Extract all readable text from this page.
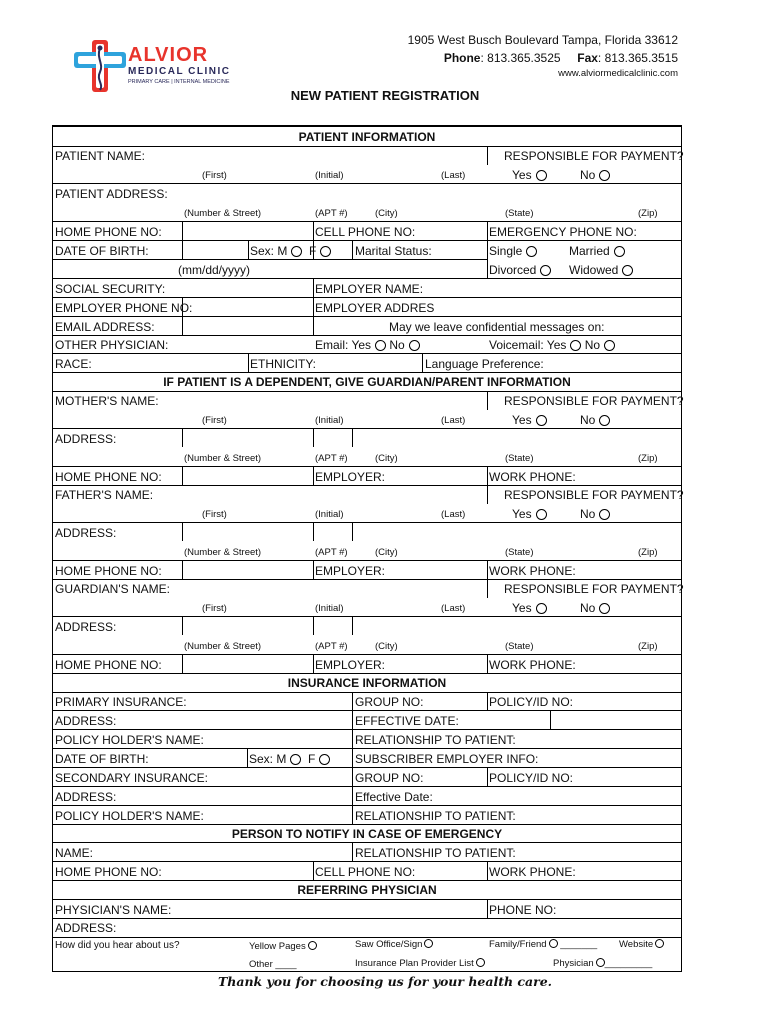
ALVIOR
MEDICAL CLINIC
PRIMARY CARE | INTERNAL MEDICINE
1905 West Busch Boulevard Tampa, Florida 33612
Phone: 813.365.3525 Fax: 813.365.3515
www.alviormedicalclinic.com
NEW PATIENT REGISTRATION
PATIENT INFORMATION
PATIENT NAME:	RESPONSIBLE FOR PAYMENT?
(First)	(Initial)	(Last)	Yes	No
PATIENT ADDRESS:
(Number & Street)	(APT #)	(City)	(State)	(Zip)
HOME PHONE NO:	CELL PHONE NO:	EMERGENCY PHONE NO:
DATE OF BIRTH:	Sex: M F	Marital Status:	Single	Married
(mm/dd/yyyy)	Divorced	Widowed
SOCIAL SECURITY:	EMPLOYER NAME:
EMPLOYER PHONE NO:	EMPLOYER ADDRES
EMAIL ADDRESS:	May we leave confidential messages on:
OTHER PHYSICIAN:	Email: Yes No	Voicemail: Yes No
RACE:	ETHNICITY:	Language Preference:
IF PATIENT IS A DEPENDENT, GIVE GUARDIAN/PARENT INFORMATION
MOTHER'S NAME:	RESPONSIBLE FOR PAYMENT?
(First)	(Initial)	(Last)	Yes	No
ADDRESS:
(Number & Street)	(APT #)	(City)	(State)	(Zip)
HOME PHONE NO:	EMPLOYER:	WORK PHONE:
FATHER'S NAME:	RESPONSIBLE FOR PAYMENT?
(First)	(Initial)	(Last)	Yes	No
ADDRESS:
(Number & Street)	(APT #)	(City)	(State)	(Zip)
HOME PHONE NO:	EMPLOYER:	WORK PHONE:
GUARDIAN'S NAME:	RESPONSIBLE FOR PAYMENT?
(First)	(Initial)	(Last)	Yes	No
ADDRESS:
(Number & Street)	(APT #)	(City)	(State)	(Zip)
HOME PHONE NO:	EMPLOYER:	WORK PHONE:
INSURANCE INFORMATION
PRIMARY INSURANCE:	GROUP NO:	POLICY/ID NO:
ADDRESS:	EFFECTIVE DATE:
POLICY HOLDER'S NAME:	RELATIONSHIP TO PATIENT:
DATE OF BIRTH:	Sex: M F	SUBSCRIBER EMPLOYER INFO:
SECONDARY INSURANCE:	GROUP NO:	POLICY/ID NO:
ADDRESS:	Effective Date:
POLICY HOLDER'S NAME:	RELATIONSHIP TO PATIENT:
PERSON TO NOTIFY IN CASE OF EMERGENCY
NAME:	RELATIONSHIP TO PATIENT:
HOME PHONE NO:	CELL PHONE NO:	WORK PHONE:
REFERRING PHYSICIAN
PHYSICIAN'S NAME:	PHONE NO:
ADDRESS:
How did you hear about us?	Yellow Pages	Saw Office/Sign	Family/Friend _______ Website
Other ____	Insurance Plan Provider List	Physician _________
Thank you for choosing us for your health care.
